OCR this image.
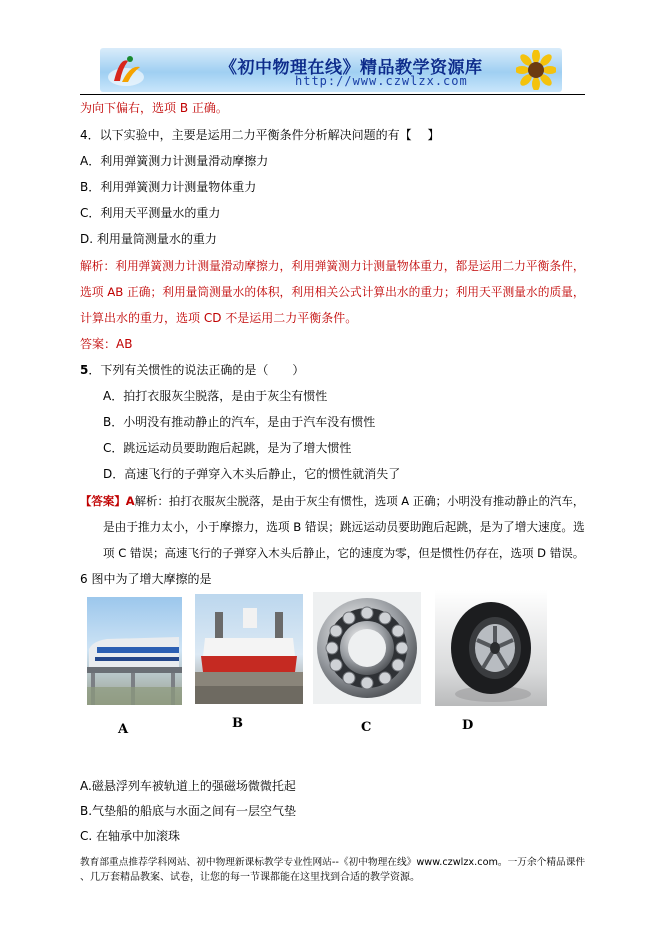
《初中物理在线》精品教学资源库
http://www.czwlzx.com
为向下偏右，选项 B 正确。
4．以下实验中，主要是运用二力平衡条件分析解决问题的有【　 】
A．利用弹簧测力计测量滑动摩擦力
B．利用弹簧测力计测量物体重力
C．利用天平测量水的重力
D. 利用量筒测量水的重力
解析：利用弹簧测力计测量滑动摩擦力，利用弹簧测力计测量物体重力，都是运用二力平衡条件，
选项 AB 正确；利用量筒测量水的体积，利用相关公式计算出水的重力；利用天平测量水的质量，
计算出水的重力，选项 CD 不是运用二力平衡条件。
答案：AB
5．下列有关惯性的说法正确的是（　　）
A．拍打衣服灰尘脱落，是由于灰尘有惯性
B．小明没有推动静止的汽车，是由于汽车没有惯性
C．跳远运动员要助跑后起跳，是为了增大惯性
D．高速飞行的子弹穿入木头后静止，它的惯性就消失了
【答案】A解析：拍打衣服灰尘脱落，是由于灰尘有惯性，选项 A 正确；小明没有推动静止的汽车，
是由于推力太小，小于摩擦力，选项 B 错误；跳远运动员要助跑后起跳，是为了增大速度。选
项 C 错误；高速飞行的子弹穿入木头后静止，它的速度为零，但是惯性仍存在，选项 D 错误。
6 图中为了增大摩擦的是
A	B	C	D
A.磁悬浮列车被轨道上的强磁场微微托起
B.气垫船的船底与水面之间有一层空气垫
C. 在轴承中加滚珠
教育部重点推荐学科网站、初中物理新课标教学专业性网站--《初中物理在线》www.czwlzx.com。一万余个精品课件
、几万套精品教案、试卷，让您的每一节课都能在这里找到合适的教学资源。
